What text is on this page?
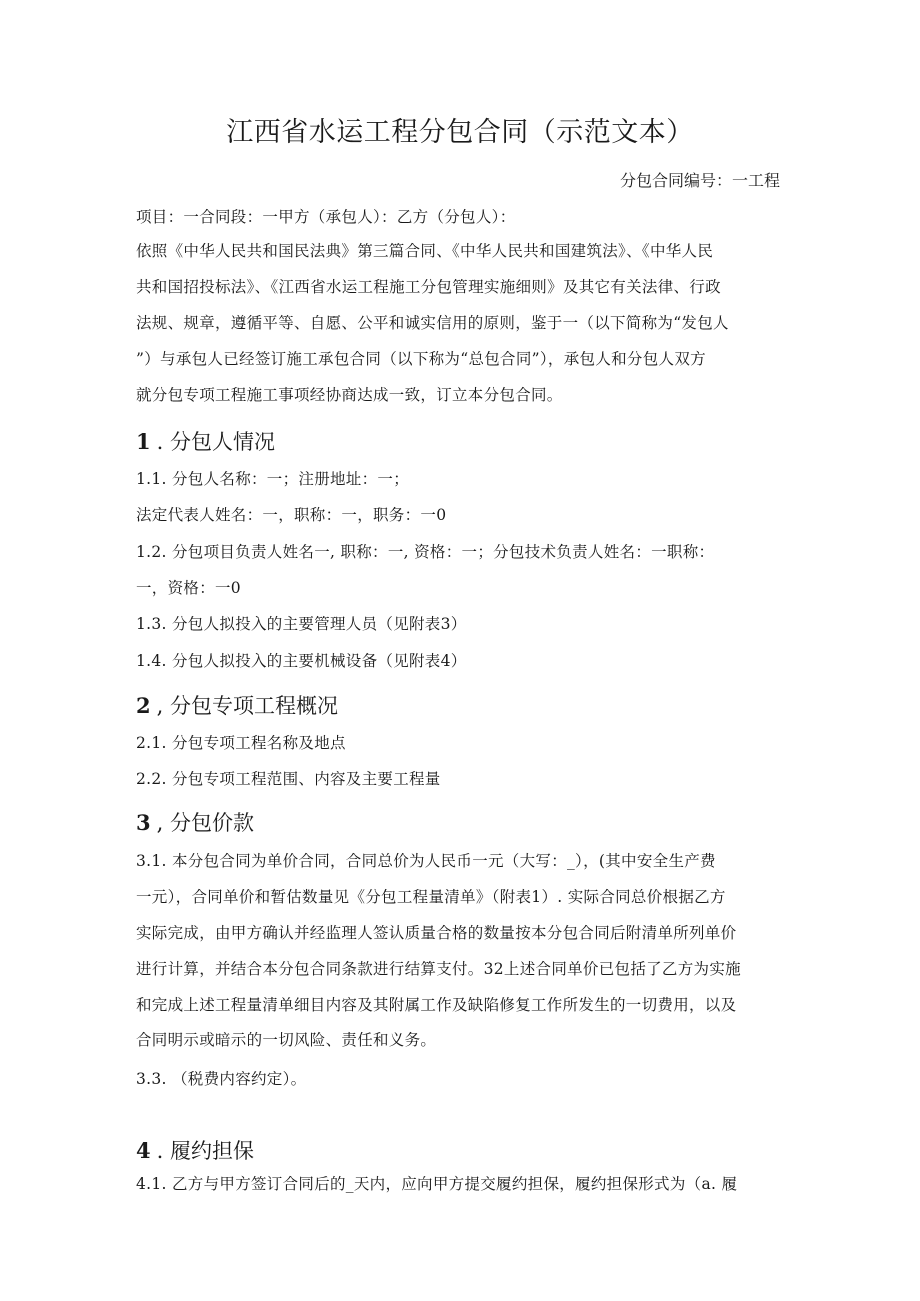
江西省水运工程分包合同（示范文本）
分包合同编号：一工程
项目：一合同段：一甲方（承包人）：乙方（分包人）：
依照《中华人民共和国民法典》第三篇合同、《中华人民共和国建筑法》、《中华人民
共和国招投标法》、《江西省水运工程施工分包管理实施细则》及其它有关法律、行政
法规、规章，遵循平等、自愿、公平和诚实信用的原则，鉴于一（以下简称为“发包人
”）与承包人已经签订施工承包合同（以下称为“总包合同”），承包人和分包人双方
就分包专项工程施工事项经协商达成一致，订立本分包合同。
1 . 分包人情况
1.1. 分包人名称：一；注册地址：一；
法定代表人姓名：一，职称：一，职务：一0
1.2. 分包项目负责人姓名一, 职称：一, 资格：一；分包技术负责人姓名：一职称：
一，资格：一0
1.3. 分包人拟投入的主要管理人员（见附表3）
1.4. 分包人拟投入的主要机械设备（见附表4）
2 , 分包专项工程概况
2.1. 分包专项工程名称及地点
2.2. 分包专项工程范围、内容及主要工程量
3 , 分包价款
3.1. 本分包合同为单价合同，合同总价为人民币一元（大写：_），(其中安全生产费
一元），合同单价和暂估数量见《分包工程量清单》（附表1）. 实际合同总价根据乙方
实际完成，由甲方确认并经监理人签认质量合格的数量按本分包合同后附清单所列单价
进行计算，并结合本分包合同条款进行结算支付。32上述合同单价已包括了乙方为实施
和完成上述工程量清单细目内容及其附属工作及缺陷修复工作所发生的一切费用，以及
合同明示或暗示的一切风险、责任和义务。
3.3. （税费内容约定）。
4 . 履约担保
4.1. 乙方与甲方签订合同后的_天内，应向甲方提交履约担保，履约担保形式为（a. 履
